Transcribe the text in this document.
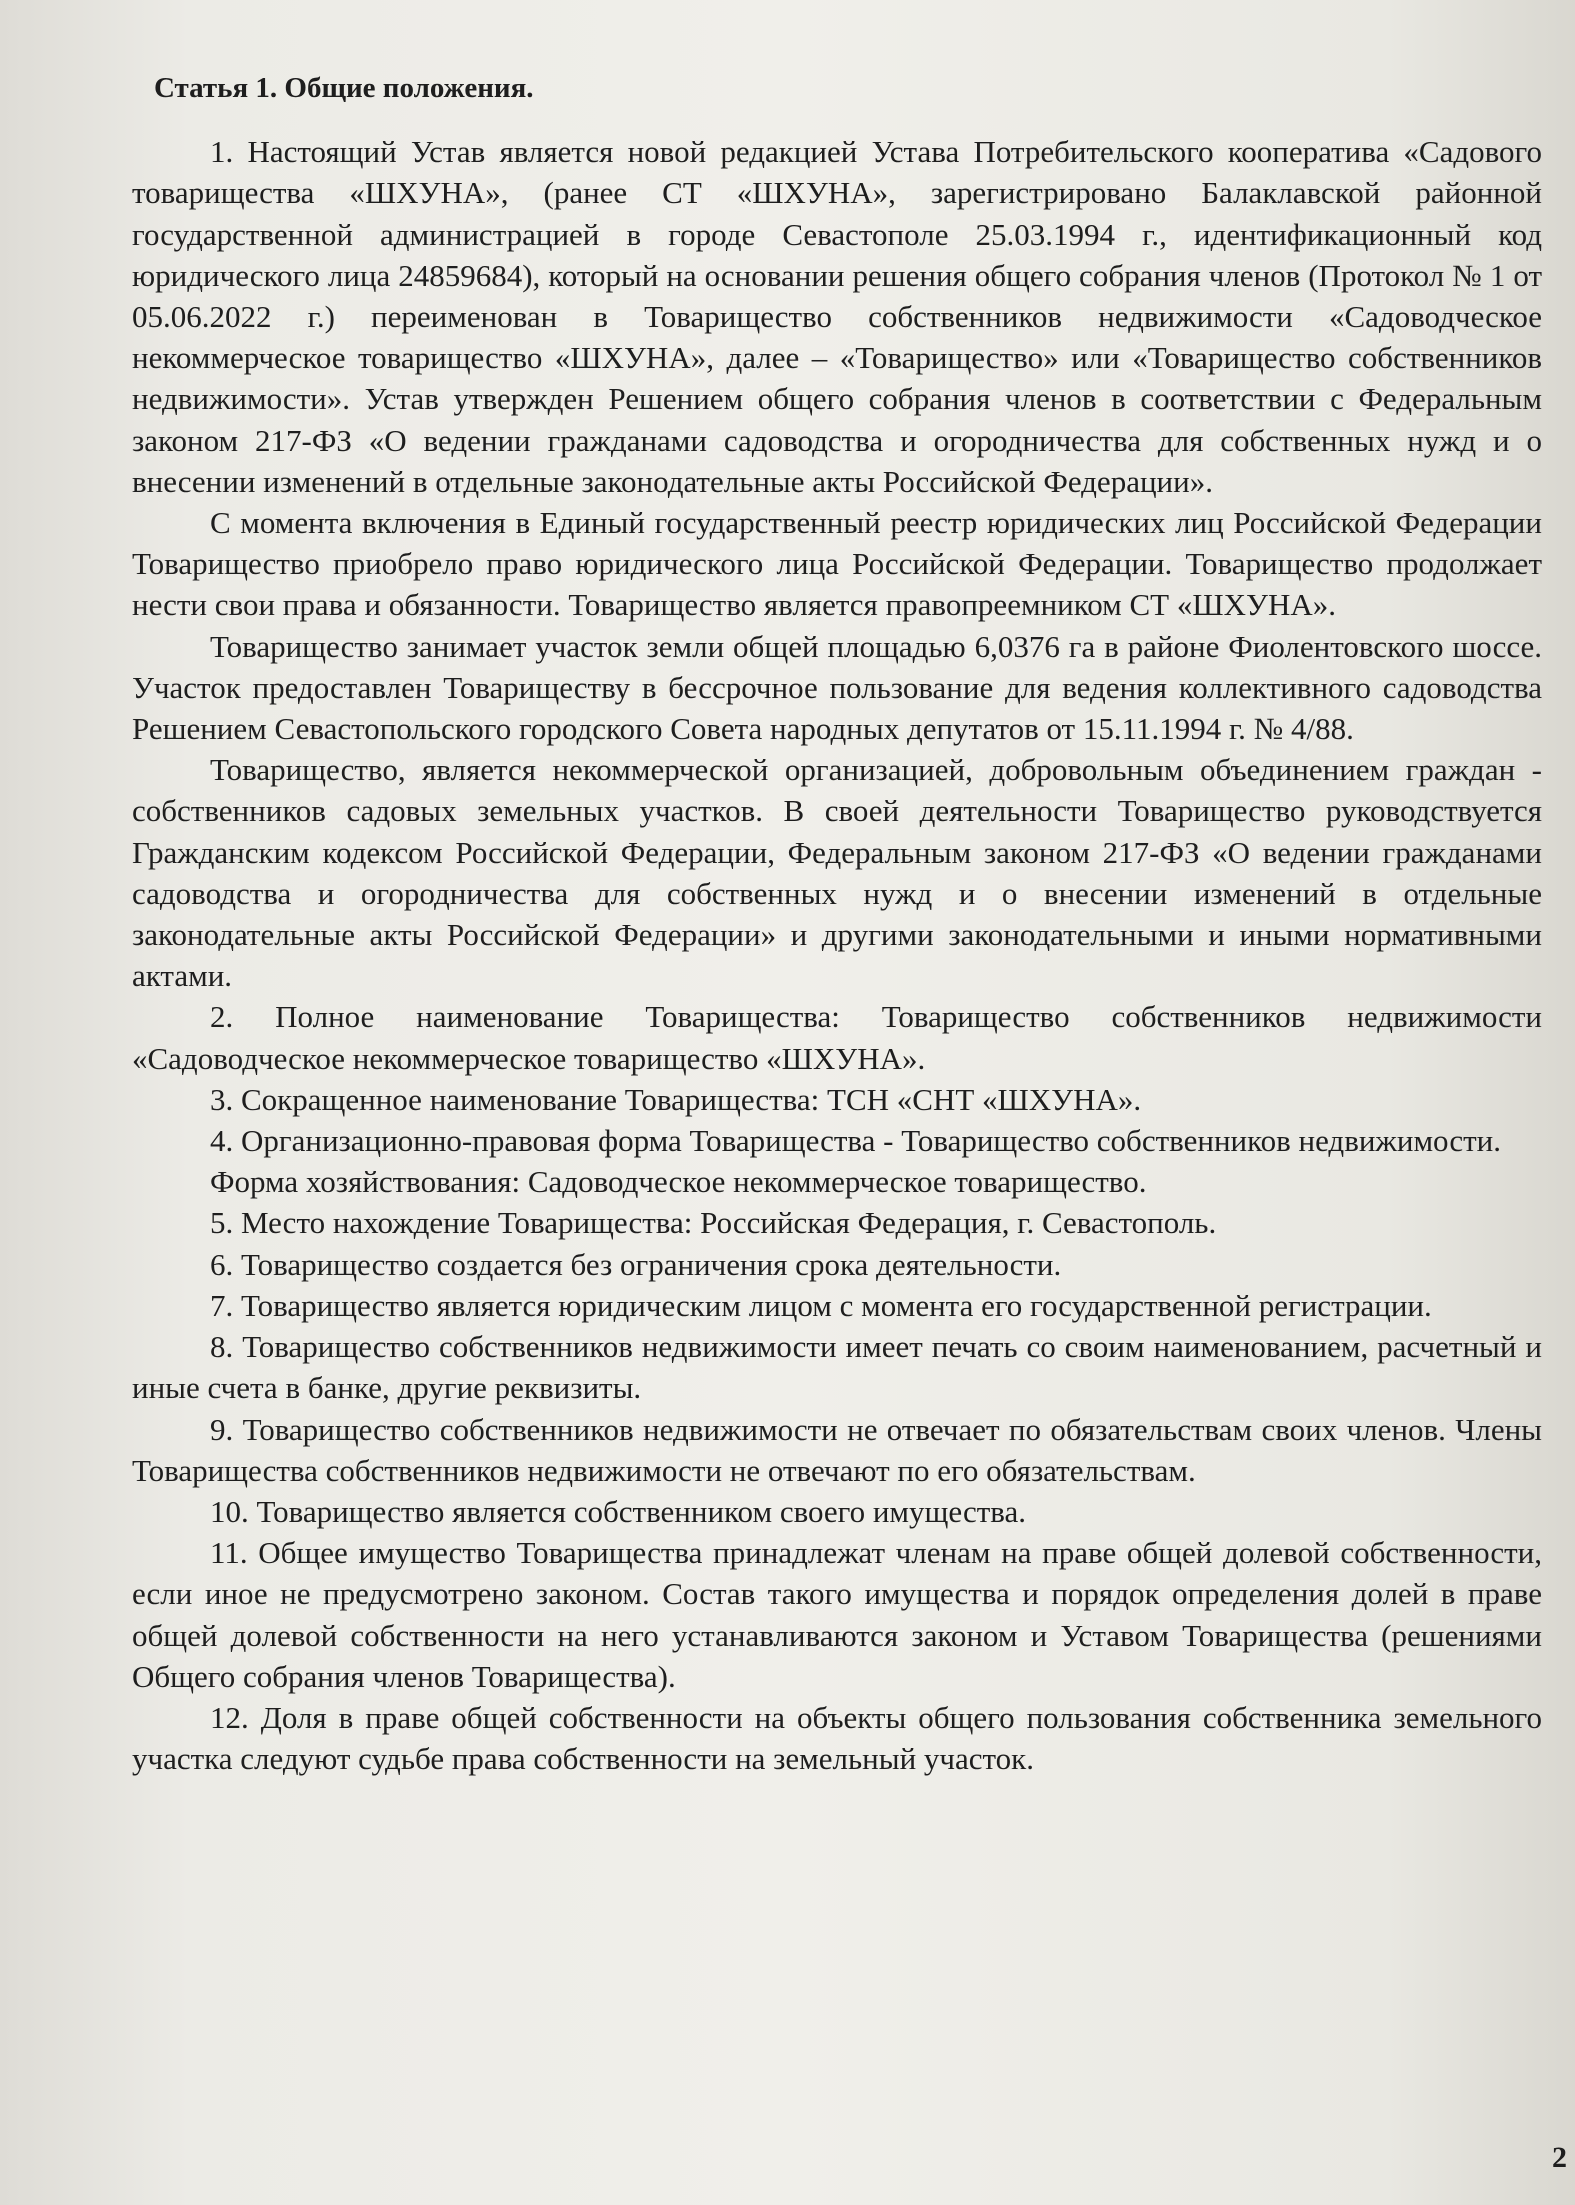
Статья 1. Общие положения.

1. Настоящий Устав является новой редакцией Устава Потребительского кооператива «Садового товарищества «ШХУНА», (ранее СТ «ШХУНА», зарегистрировано Балаклавской районной государственной администрацией в городе Севастополе 25.03.1994 г., идентификационный код юридического лица 24859684), который на основании решения общего собрания членов (Протокол № 1 от 05.06.2022 г.) переименован в Товарищество собственников недвижимости «Садоводческое некоммерческое товарищество «ШХУНА», далее – «Товарищество» или «Товарищество собственников недвижимости». Устав утвержден Решением общего собрания членов в соответствии с Федеральным законом 217-ФЗ «О ведении гражданами садоводства и огородничества для собственных нужд и о внесении изменений в отдельные законодательные акты Российской Федерации».

С момента включения в Единый государственный реестр юридических лиц Российской Федерации Товарищество приобрело право юридического лица Российской Федерации. Товарищество продолжает нести свои права и обязанности. Товарищество является правопреемником СТ «ШХУНА».

Товарищество занимает участок земли общей площадью 6,0376 га в районе Фиолентовского шоссе. Участок предоставлен Товариществу в бессрочное пользование для ведения коллективного садоводства Решением Севастопольского городского Совета народных депутатов от 15.11.1994 г. № 4/88.

Товарищество, является некоммерческой организацией, добровольным объединением граждан - собственников садовых земельных участков. В своей деятельности Товарищество руководствуется Гражданским кодексом Российской Федерации, Федеральным законом 217-ФЗ «О ведении гражданами садоводства и огородничества для собственных нужд и о внесении изменений в отдельные законодательные акты Российской Федерации» и другими законодательными и иными нормативными актами.

2. Полное наименование Товарищества: Товарищество собственников недвижимости «Садоводческое некоммерческое товарищество «ШХУНА».

3. Сокращенное наименование Товарищества: ТСН «СНТ «ШХУНА».

4. Организационно-правовая форма Товарищества - Товарищество собственников недвижимости.

Форма хозяйствования: Садоводческое некоммерческое товарищество.

5. Место нахождение Товарищества: Российская Федерация, г. Севастополь.

6. Товарищество создается без ограничения срока деятельности.

7. Товарищество является юридическим лицом с момента его государственной регистрации.

8. Товарищество собственников недвижимости имеет печать со своим наименованием, расчетный и иные счета в банке, другие реквизиты.

9. Товарищество собственников недвижимости не отвечает по обязательствам своих членов. Члены Товарищества собственников недвижимости не отвечают по его обязательствам.

10. Товарищество является собственником своего имущества.

11. Общее имущество Товарищества принадлежат членам на праве общей долевой собственности, если иное не предусмотрено законом. Состав такого имущества и порядок определения долей в праве общей долевой собственности на него устанавливаются законом и Уставом Товарищества (решениями Общего собрания членов Товарищества).

12. Доля в праве общей собственности на объекты общего пользования собственника земельного участка следуют судьбе права собственности на земельный участок.

2
